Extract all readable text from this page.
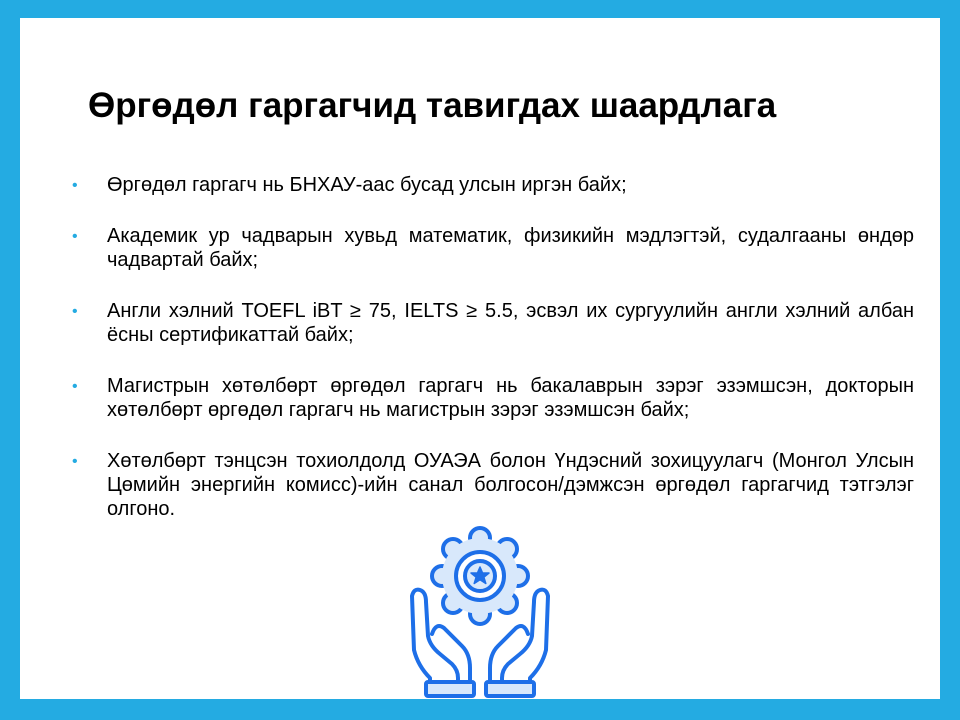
Өргөдөл гаргагчид тавигдах шаардлага
• Өргөдөл гаргагч нь БНХАУ-аас бусад улсын иргэн байх;
• Академик ур чадварын хувьд математик, физикийн мэдлэгтэй, судалгааны өндөр чадвартай байх;
• Англи хэлний TOEFL iBT ≥ 75, IELTS ≥ 5.5, эсвэл их сургуулийн англи хэлний албан ёсны сертификаттай байх;
• Магистрын хөтөлбөрт өргөдөл гаргагч нь бакалаврын зэрэг эзэмшсэн, докторын хөтөлбөрт өргөдөл гаргагч нь магистрын зэрэг эзэмшсэн байх;
• Хөтөлбөрт тэнцсэн тохиолдолд ОУАЭА болон Үндэсний зохицуулагч (Монгол Улсын Цөмийн энергийн комисс)-ийн санал болгосон/дэмжсэн өргөдөл гаргагчид тэтгэлэг олгоно.
